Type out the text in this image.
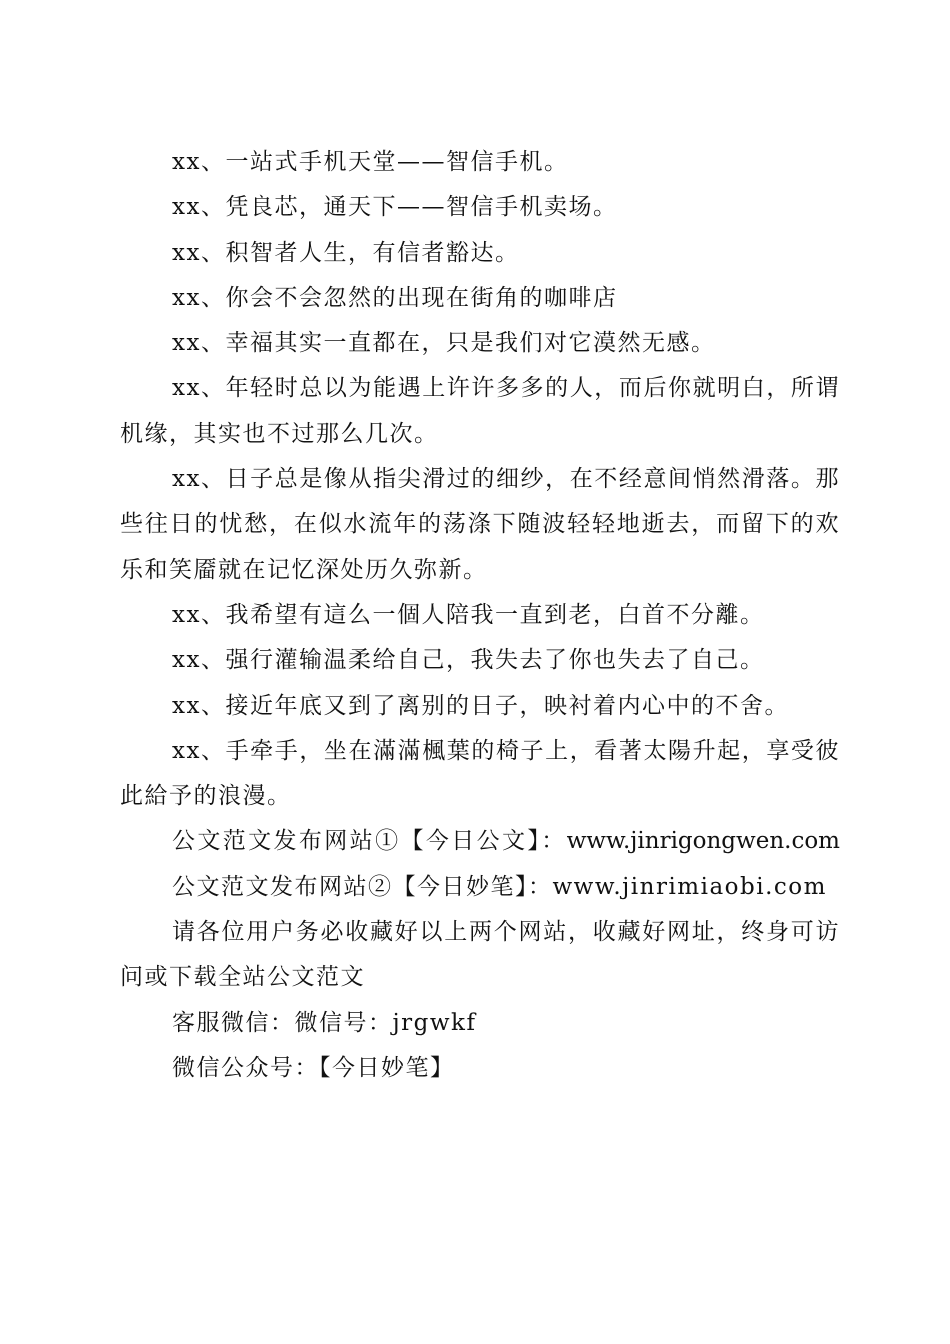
xx、一站式手机天堂——智信手机。

xx、凭良芯，通天下——智信手机卖场。

xx、积智者人生，有信者豁达。

xx、你会不会忽然的出现在街角的咖啡店

xx、幸福其实一直都在，只是我们对它漠然无感。

xx、年轻时总以为能遇上许许多多的人，而后你就明白，所谓机缘，其实也不过那么几次。

xx、日子总是像从指尖滑过的细纱，在不经意间悄然滑落。那些往日的忧愁，在似水流年的荡涤下随波轻轻地逝去，而留下的欢乐和笑靥就在记忆深处历久弥新。

xx、我希望有這么一個人陪我一直到老，白首不分離。

xx、强行灌输温柔给自己，我失去了你也失去了自己。

xx、接近年底又到了离别的日子，映衬着内心中的不舍。

xx、手牵手，坐在滿滿楓葉的椅子上，看著太陽升起，享受彼此給予的浪漫。

公文范文发布网站①【今日公文】：www.jinrigongwen.com

公文范文发布网站②【今日妙笔】：www.jinrimiaobi.com

请各位用户务必收藏好以上两个网站，收藏好网址，终身可访问或下载全站公文范文

客服微信：微信号：jrgwkf

微信公众号：【今日妙笔】
